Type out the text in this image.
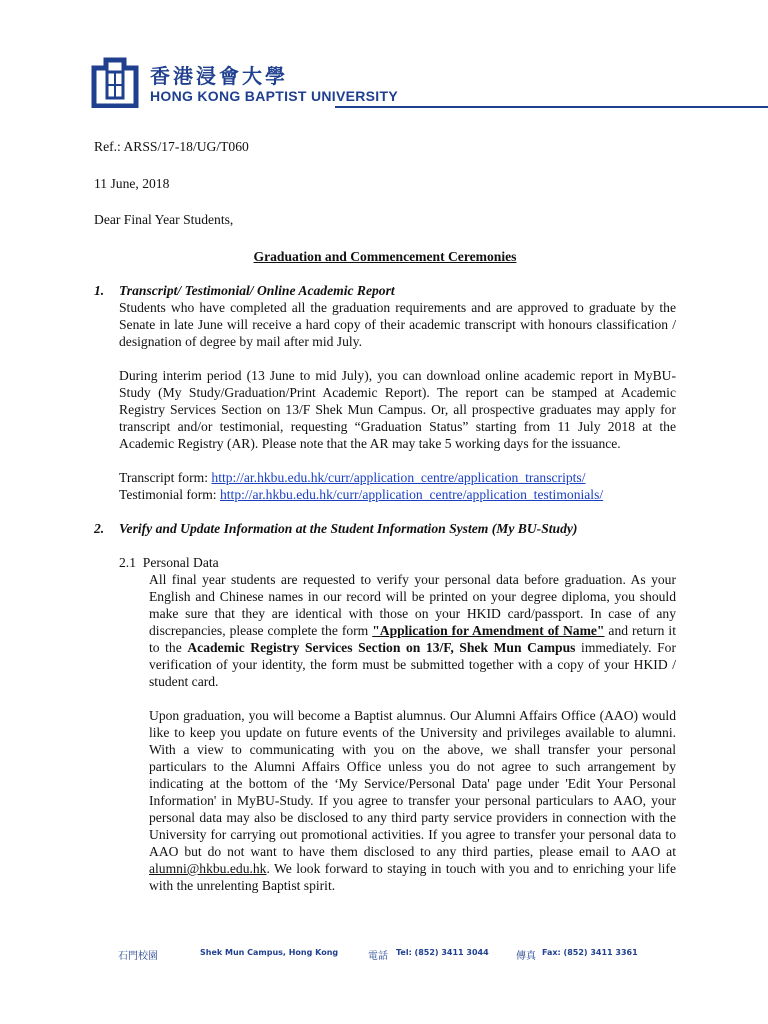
香港浸會大學
HONG KONG BAPTIST UNIVERSITY

Ref.: ARSS/17-18/UG/T060

11 June, 2018

Dear Final Year Students,

Graduation and Commencement Ceremonies

1. Transcript/ Testimonial/ Online Academic Report

Students who have completed all the graduation requirements and are approved to graduate by the Senate in late June will receive a hard copy of their academic transcript with honours classification / designation of degree by mail after mid July.

During interim period (13 June to mid July), you can download online academic report in MyBU-Study (My Study/Graduation/Print Academic Report). The report can be stamped at Academic Registry Services Section on 13/F Shek Mun Campus. Or, all prospective graduates may apply for transcript and/or testimonial, requesting “Graduation Status” starting from 11 July 2018 at the Academic Registry (AR). Please note that the AR may take 5 working days for the issuance.

Transcript form: http://ar.hkbu.edu.hk/curr/application_centre/application_transcripts/

Testimonial form: http://ar.hkbu.edu.hk/curr/application_centre/application_testimonials/

2. Verify and Update Information at the Student Information System (My BU-Study)
2.1 Personal Data

All final year students are requested to verify your personal data before graduation. As your English and Chinese names in our record will be printed on your degree diploma, you should make sure that they are identical with those on your HKID card/passport. In case of any discrepancies, please complete the form "Application for Amendment of Name" and return it to the Academic Registry Services Section on 13/F, Shek Mun Campus immediately. For verification of your identity, the form must be submitted together with a copy of your HKID / student card.

Upon graduation, you will become a Baptist alumnus. Our Alumni Affairs Office (AAO) would like to keep you update on future events of the University and privileges available to alumni. With a view to communicating with you on the above, we shall transfer your personal particulars to the Alumni Affairs Office unless you do not agree to such arrangement by indicating at the bottom of the ‘My Service/Personal Data' page under 'Edit Your Personal Information' in MyBU-Study. If you agree to transfer your personal particulars to AAO, your personal data may also be disclosed to any third party service providers in connection with the University for carrying out promotional activities. If you agree to transfer your personal data to AAO but do not want to have them disclosed to any third parties, please email to AAO at alumni@hkbu.edu.hk. We look forward to staying in touch with you and to enriching your life with the unrelenting Baptist spirit.

石門校園	Shek Mun Campus, Hong Kong	電話 Tel: (852) 3411 3044	傳真 Fax: (852) 3411 3361
